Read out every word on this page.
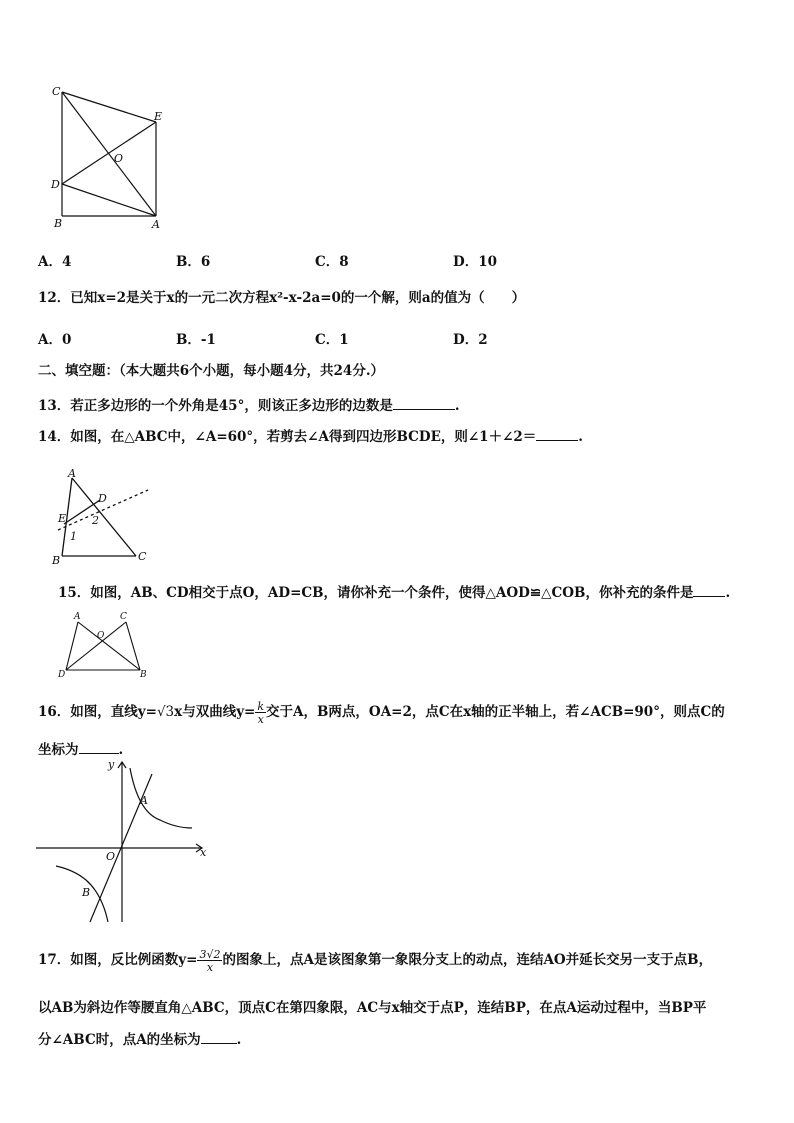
C
E
O
D
B	A
A．4	B．6	C．8	D．10
12．已知x=2是关于x的一元二次方程x²-x-2a=0的一个解，则a的值为（　　）
A．0	B．-1	C．1	D．2
二、填空题：（本大题共6个小题，每小题4分，共24分.）
13．若正多边形的一个外角是45°，则该正多边形的边数是	.
14．如图，在△ABC中，∠A=60°，若剪去∠A得到四边形BCDE，则∠1＋∠2＝	.
A
D
E 2
1
B	C
15．如图，AB、CD相交于点O，AD=CB，请你补充一个条件，使得△AOD≌△COB，你补充的条件是 .
A	C
O
D	B
16．如图，直线y=√3x与双曲线$y= \frac{k}{x}$ 交于A，B两点，OA=2，点C在x轴的正半轴上，若∠ACB=90°，则点C的
坐标为	.
y
x
A
O
B
17．如图，反比例函数$y= \frac{3√2}{x}$ 的图象上，点A是该图象第一象限分支上的动点，连结AO并延长交另一支于点B，
以AB为斜边作等腰直角△ABC，顶点C在第四象限，AC与x轴交于点P，连结BP，在点A运动过程中，当BP平
分∠ABC时，点A的坐标为	.
